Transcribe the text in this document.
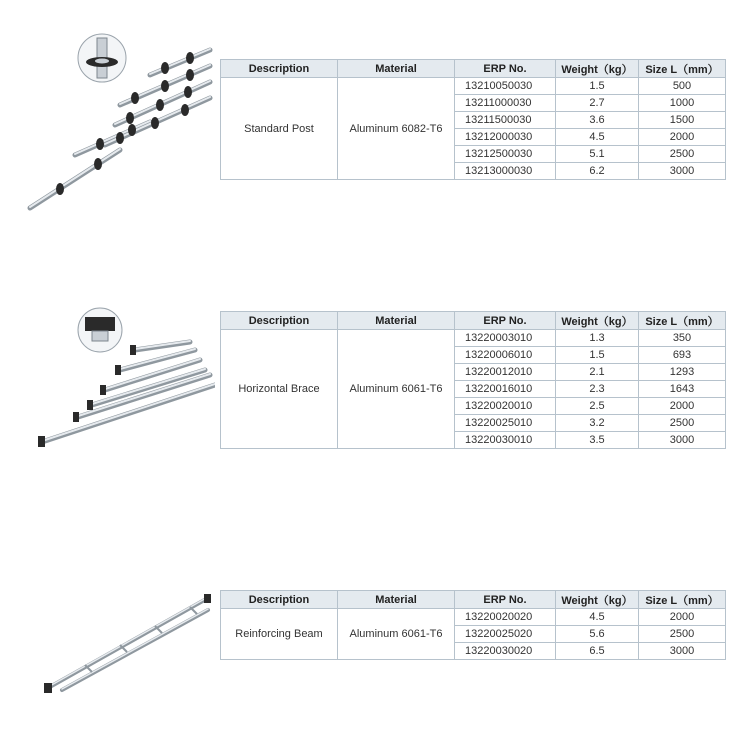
Description	Material	ERP No.	Weight（kg）	Size L（mm）
Standard Post	Aluminum 6082-T6	13210050030	1.5	500
		13211000030	2.7	1000
		13211500030	3.6	1500
		13212000030	4.5	2000
		13212500030	5.1	2500
		13213000030	6.2	3000
Description	Material	ERP No.	Weight（kg）	Size L（mm）
Horizontal Brace	Aluminum 6061-T6	13220003010	1.3	350
		13220006010	1.5	693
		13220012010	2.1	1293
		13220016010	2.3	1643
		13220020010	2.5	2000
		13220025010	3.2	2500
		13220030010	3.5	3000
Description	Material	ERP No.	Weight（kg）	Size L（mm）
Reinforcing Beam	Aluminum 6061-T6	13220020020	4.5	2000
		13220025020	5.6	2500
		13220030020	6.5	3000
